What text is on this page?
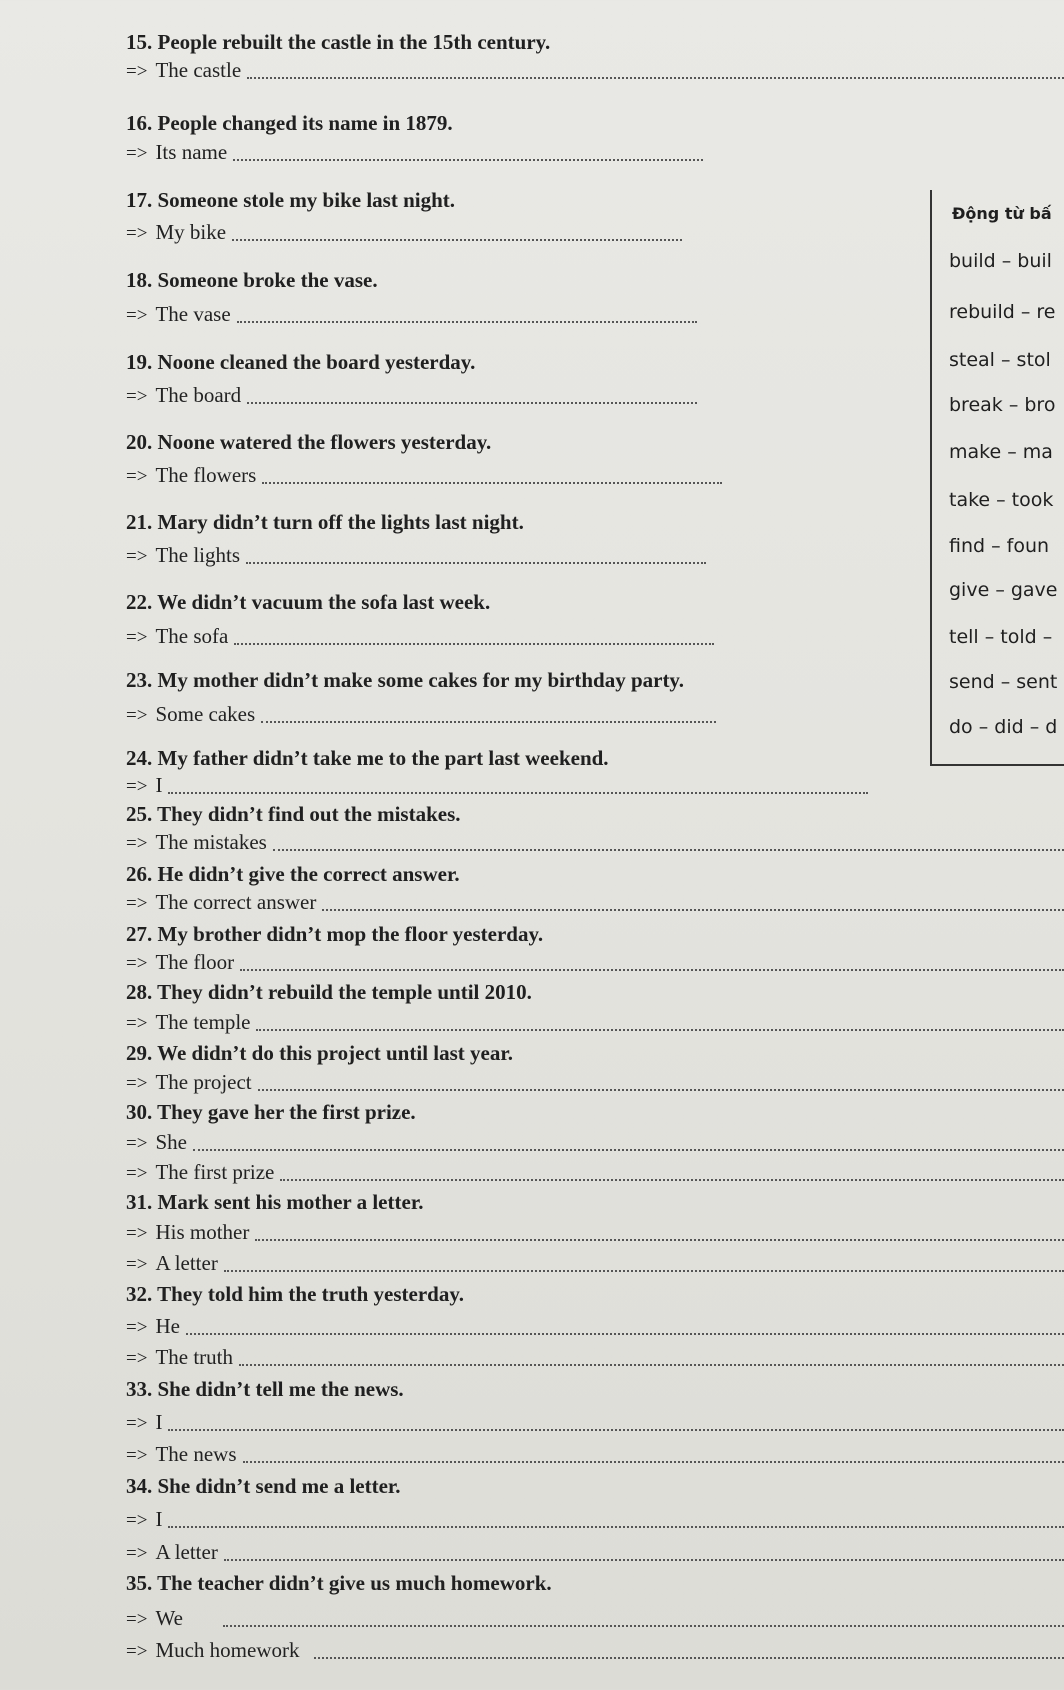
15. People rebuilt the castle in the 15th century.

=> The castle

16. People changed its name in 1879.

=> Its name

17. Someone stole my bike last night.

=> My bike

18. Someone broke the vase.

=> The vase

19. Noone cleaned the board yesterday.

=> The board

20. Noone watered the flowers yesterday.

=> The flowers

21. Mary didn’t turn off the lights last night.

=> The lights

22. We didn’t vacuum the sofa last week.

=> The sofa

23. My mother didn’t make some cakes for my birthday party.

=> Some cakes

24. My father didn’t take me to the part last weekend.

=> I

25. They didn’t find out the mistakes.

=> The mistakes

26. He didn’t give the correct answer.

=> The correct answer

27. My brother didn’t mop the floor yesterday.

=> The floor

28. They didn’t rebuild the temple until 2010.

=> The temple

29. We didn’t do this project until last year.

=> The project

30. They gave her the first prize.

=> She
=> The first prize

31. Mark sent his mother a letter.

=> His mother
=> A letter

32. They told him the truth yesterday.

=> He
=> The truth

33. She didn’t tell me the news.

=> I
=> The news

34. She didn’t send me a letter.

=> I
=> A letter

35. The teacher didn’t give us much homework.

=> We
=> Much homework
Động từ bấ
build – buil
rebuild – re
steal – stol
break – bro
make – ma
take – took
find – foun
give – gave
tell – told –
send – sent
do – did – d
